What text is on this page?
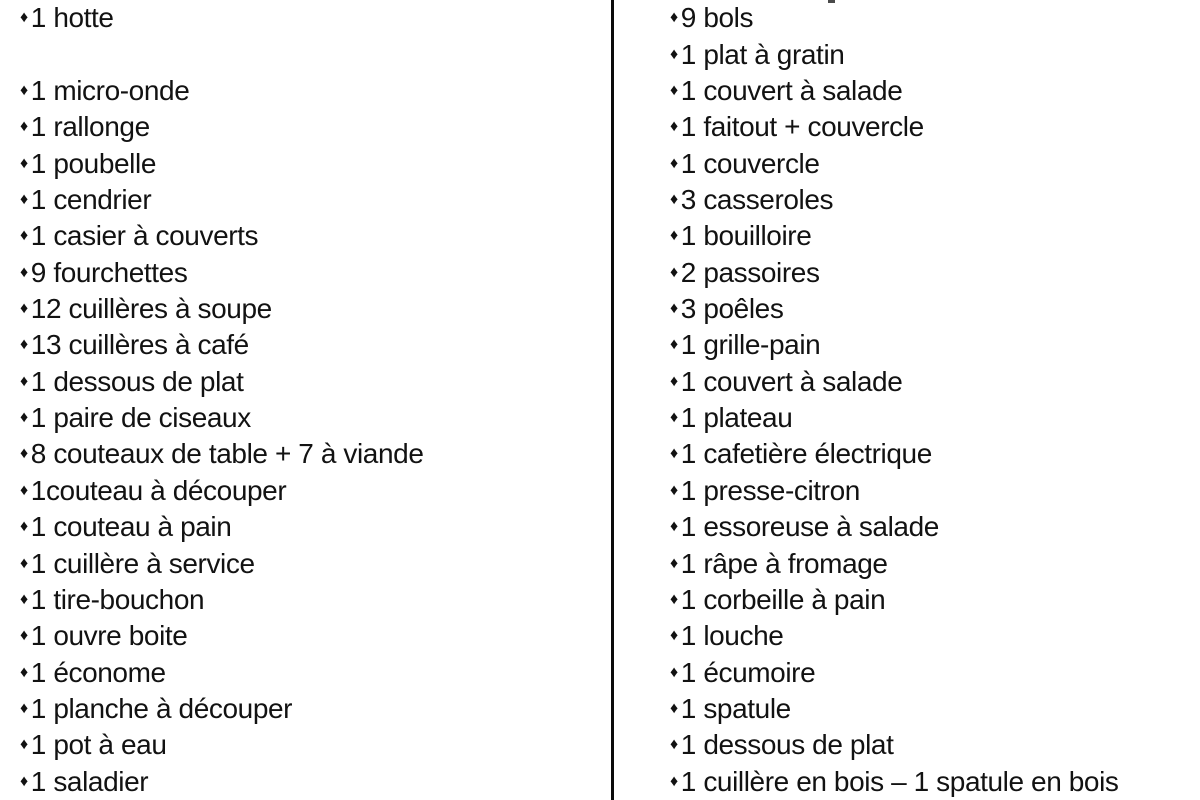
♦ 1 hotte
♦ 1 micro-onde
♦ 1 rallonge
♦ 1 poubelle
♦ 1 cendrier
♦ 1 casier à couverts
♦ 9 fourchettes
♦ 12 cuillères à soupe
♦ 13 cuillères à café
♦ 1 dessous de plat
♦ 1 paire de ciseaux
♦ 8 couteaux de table + 7 à viande
♦ 1couteau à découper
♦ 1 couteau à pain
♦ 1 cuillère à service
♦ 1 tire-bouchon
♦ 1 ouvre boite
♦ 1 économe
♦ 1 planche à découper
♦ 1 pot à eau
♦ 1 saladier
♦ 9 bols
♦ 1 plat à gratin
♦ 1 couvert à salade
♦ 1 faitout + couvercle
♦ 1 couvercle
♦ 3 casseroles
♦ 1 bouilloire
♦ 2 passoires
♦ 3 poêles
♦ 1 grille-pain
♦ 1 couvert à salade
♦ 1 plateau
♦ 1 cafetière électrique
♦ 1 presse-citron
♦ 1 essoreuse à salade
♦ 1 râpe à fromage
♦ 1 corbeille à pain
♦ 1 louche
♦ 1 écumoire
♦ 1 spatule
♦ 1 dessous de plat
♦ 1 cuillère en bois – 1 spatule en bois
